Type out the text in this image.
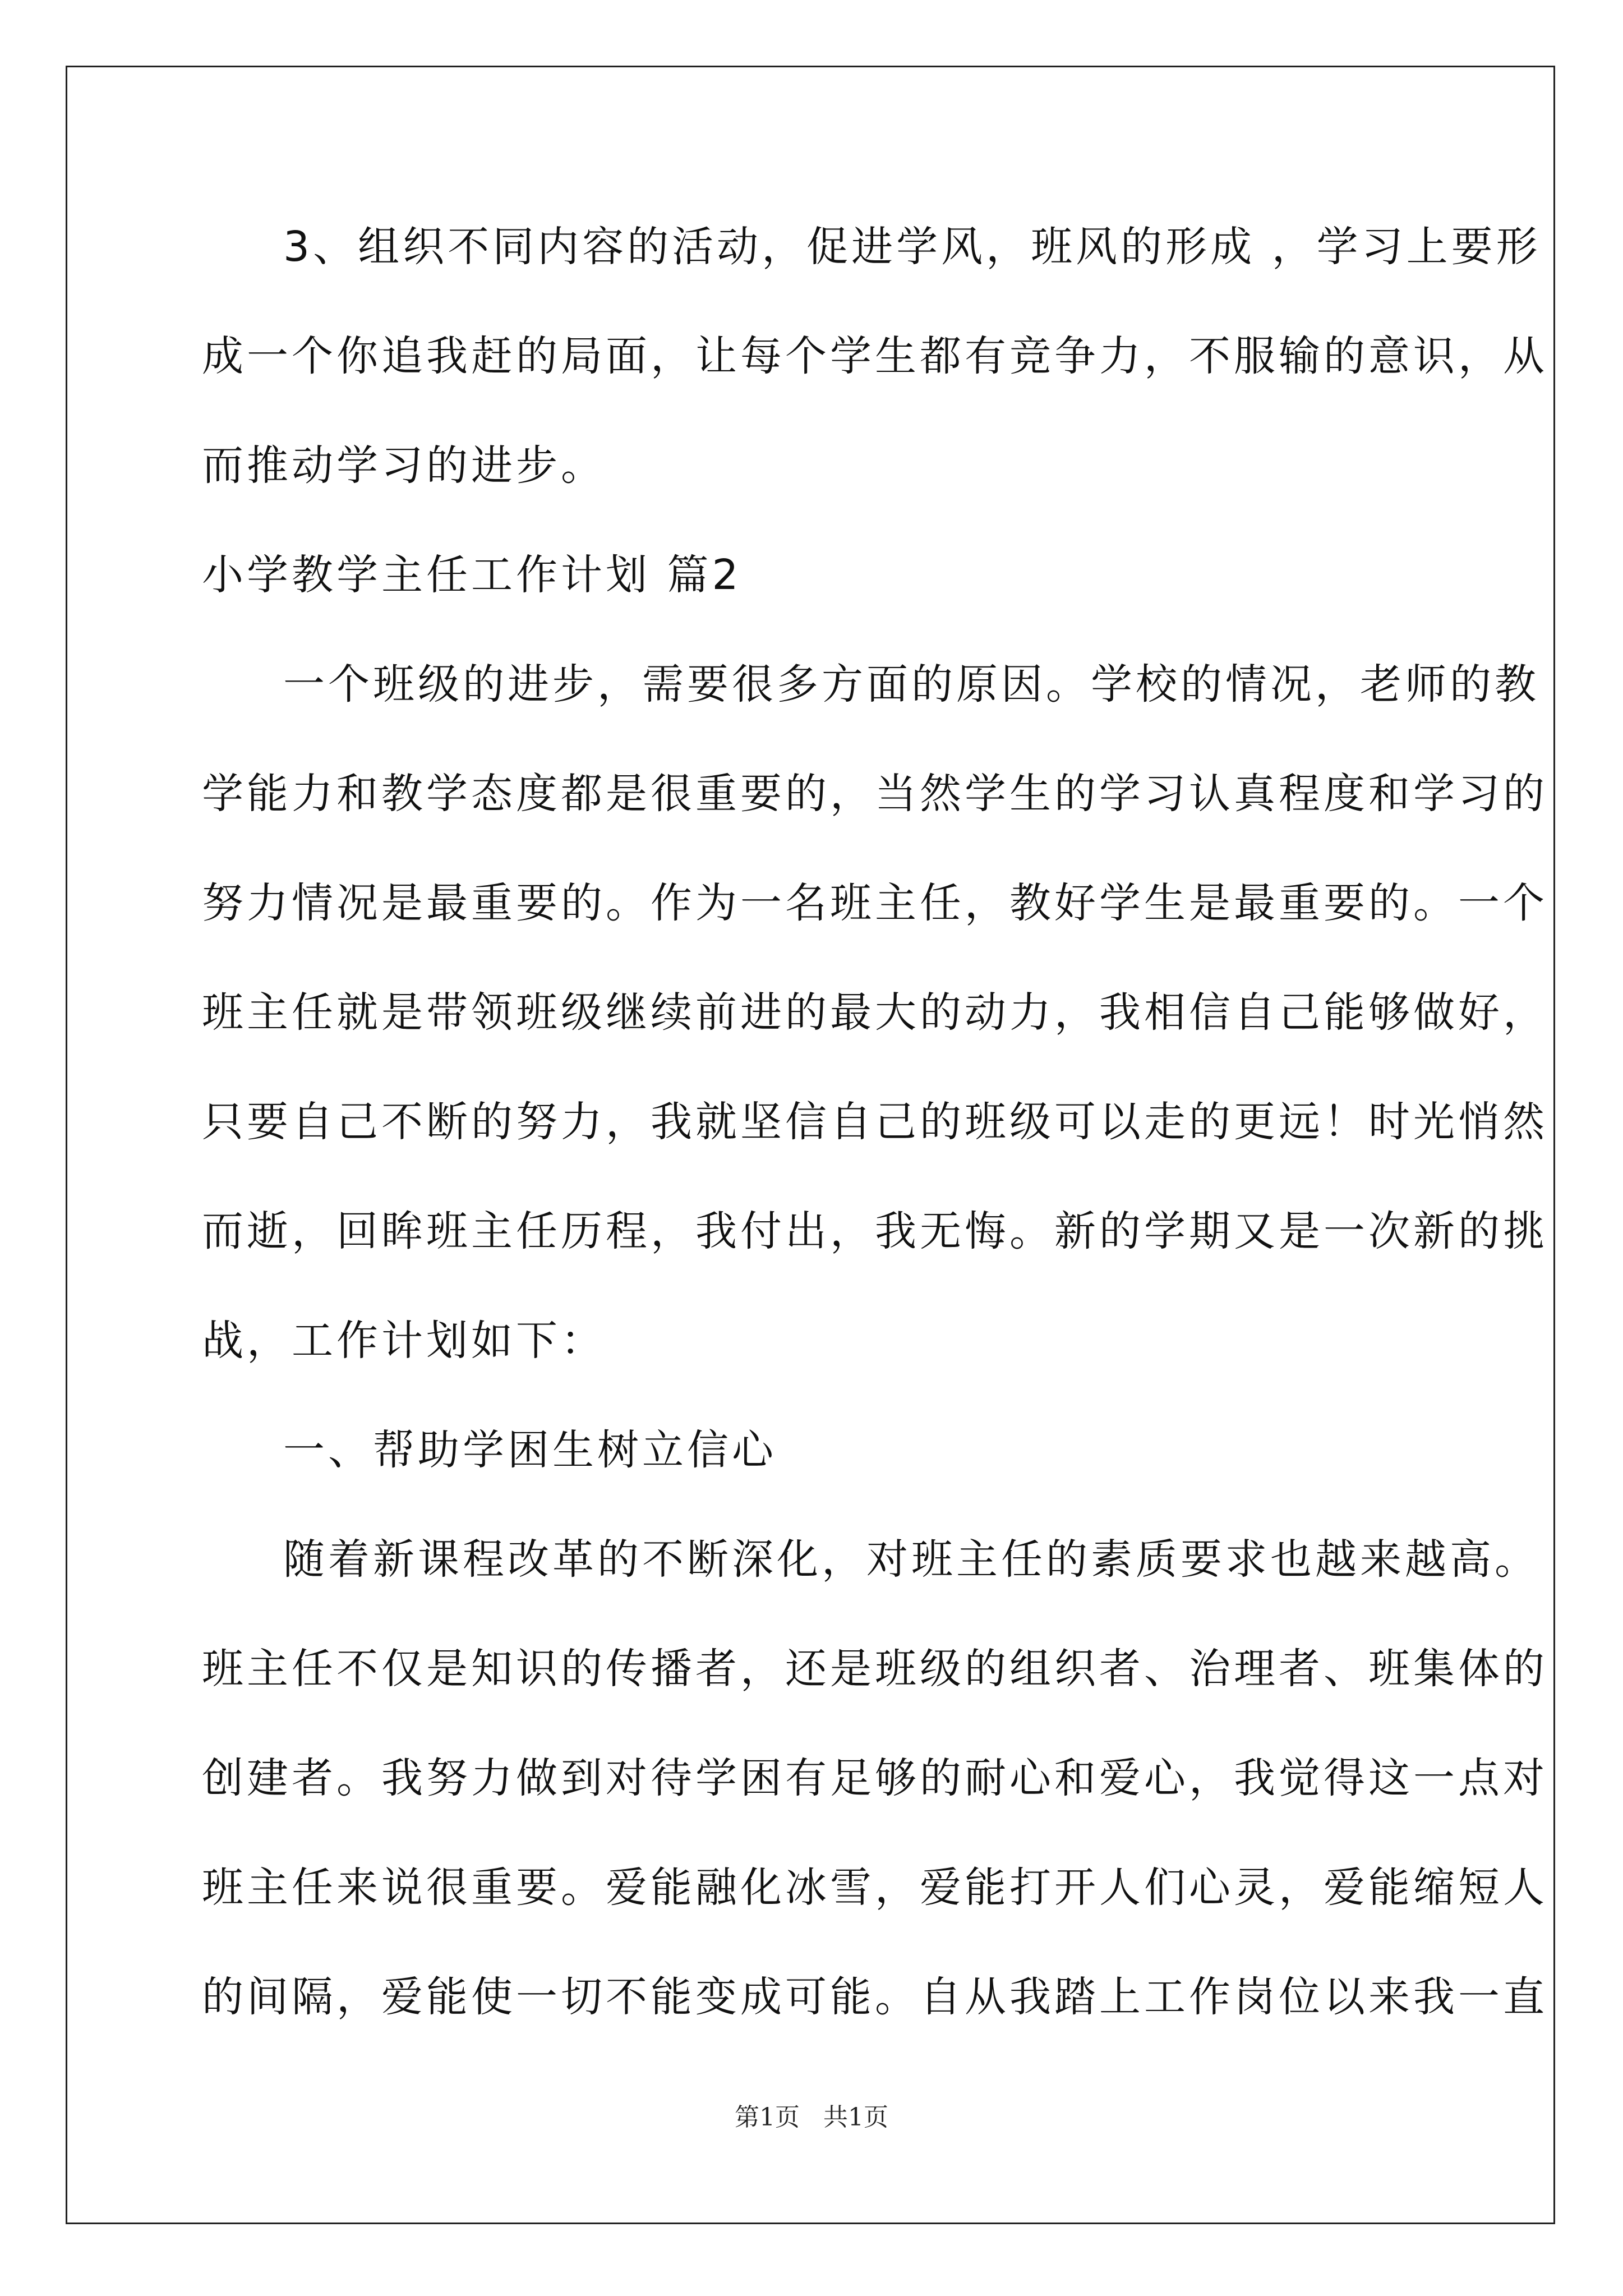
3、组织不同内容的活动，促进学风，班风的形成 ，学习上要形
成一个你追我赶的局面，让每个学生都有竞争力，不服输的意识，从
而推动学习的进步。
小学教学主任工作计划 篇2
一个班级的进步，需要很多方面的原因。学校的情况，老师的教
学能力和教学态度都是很重要的，当然学生的学习认真程度和学习的
努力情况是最重要的。作为一名班主任，教好学生是最重要的。一个
班主任就是带领班级继续前进的最大的动力，我相信自己能够做好，
只要自己不断的努力，我就坚信自己的班级可以走的更远！时光悄然
而逝，回眸班主任历程，我付出，我无悔。新的学期又是一次新的挑
战，工作计划如下：
一、帮助学困生树立信心
随着新课程改革的不断深化，对班主任的素质要求也越来越高。
班主任不仅是知识的传播者，还是班级的组织者、治理者、班集体的
创建者。我努力做到对待学困有足够的耐心和爱心，我觉得这一点对
班主任来说很重要。爱能融化冰雪，爱能打开人们心灵，爱能缩短人
的间隔，爱能使一切不能变成可能。自从我踏上工作岗位以来我一直
第1页 共1页
